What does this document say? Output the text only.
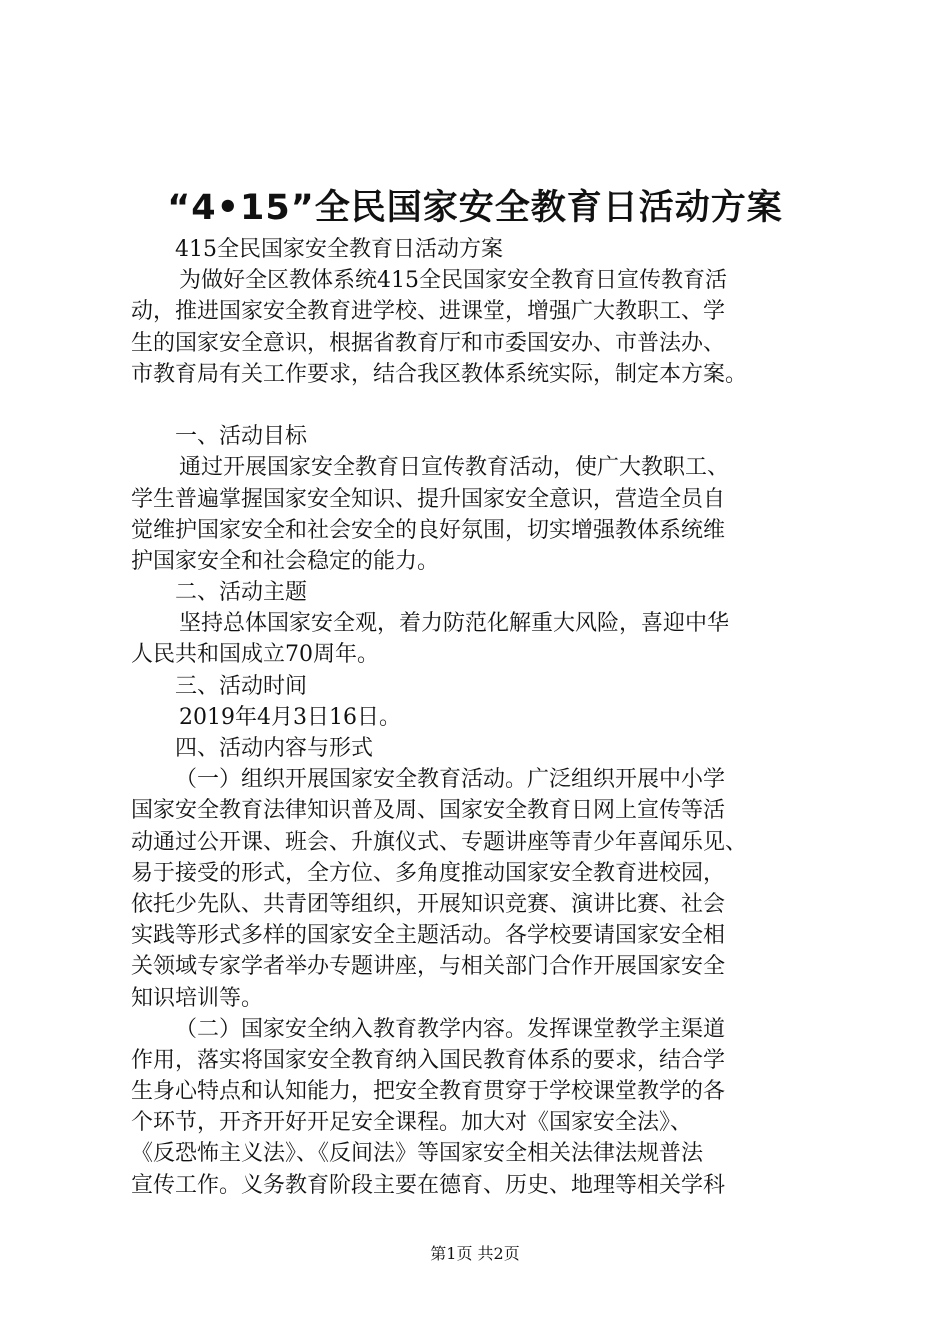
“4•15”全民国家安全教育日活动方案
415全民国家安全教育日活动方案
为做好全区教体系统415全民国家安全教育日宣传教育活
动，推进国家安全教育进学校、进课堂，增强广大教职工、学
生的国家安全意识，根据省教育厅和市委国安办、市普法办、
市教育局有关工作要求，结合我区教体系统实际，制定本方案。
一、活动目标
通过开展国家安全教育日宣传教育活动，使广大教职工、
学生普遍掌握国家安全知识、提升国家安全意识，营造全员自
觉维护国家安全和社会安全的良好氛围，切实增强教体系统维
护国家安全和社会稳定的能力。
二、活动主题
坚持总体国家安全观，着力防范化解重大风险，喜迎中华
人民共和国成立70周年。
三、活动时间
2019年4月3日16日。
四、活动内容与形式
（一）组织开展国家安全教育活动。广泛组织开展中小学
国家安全教育法律知识普及周、国家安全教育日网上宣传等活
动通过公开课、班会、升旗仪式、专题讲座等青少年喜闻乐见、
易于接受的形式，全方位、多角度推动国家安全教育进校园，
依托少先队、共青团等组织，开展知识竞赛、演讲比赛、社会
实践等形式多样的国家安全主题活动。各学校要请国家安全相
关领域专家学者举办专题讲座，与相关部门合作开展国家安全
知识培训等。
（二）国家安全纳入教育教学内容。发挥课堂教学主渠道
作用，落实将国家安全教育纳入国民教育体系的要求，结合学
生身心特点和认知能力，把安全教育贯穿于学校课堂教学的各
个环节，开齐开好开足安全课程。加大对《国家安全法》、
《反恐怖主义法》、《反间法》等国家安全相关法律法规普法
宣传工作。义务教育阶段主要在德育、历史、地理等相关学科
第1页 共2页
